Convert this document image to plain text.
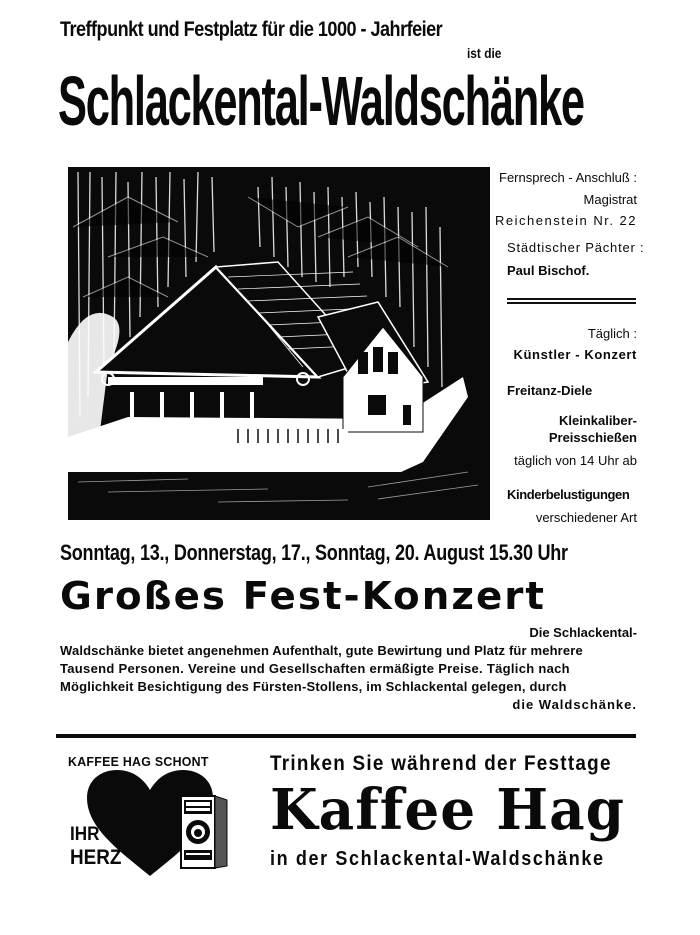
Treffpunkt und Festplatz für die 1000 - Jahrfeier
ist die
Schlackental-Waldschänke
Fernsprech - Anschluß :
Magistrat
Reichenstein Nr. 22
Städtischer Pächter :
Paul Bischof.
Täglich :
Künstler - Konzert
Freitanz-Diele
Kleinkaliber-
Preisschießen
täglich von 14 Uhr ab
Kinderbelustigungen
verschiedener Art
Sonntag, 13., Donnerstag, 17., Sonntag, 20. August 15.30 Uhr
Großes Fest-Konzert
Die Schlackental-
Waldschänke bietet angenehmen Aufenthalt, gute Bewirtung und Platz für mehrere
Tausend Personen. Vereine und Gesellschaften ermäßigte Preise. Täglich nach
Möglichkeit Besichtigung des Fürsten-Stollens, im Schlackental gelegen, durch
die Waldschänke.
KAFFEE HAG SCHONT
IHR
HERZ
Trinken Sie während der Festtage
Kaffee Hag
in der Schlackental-Waldschänke
